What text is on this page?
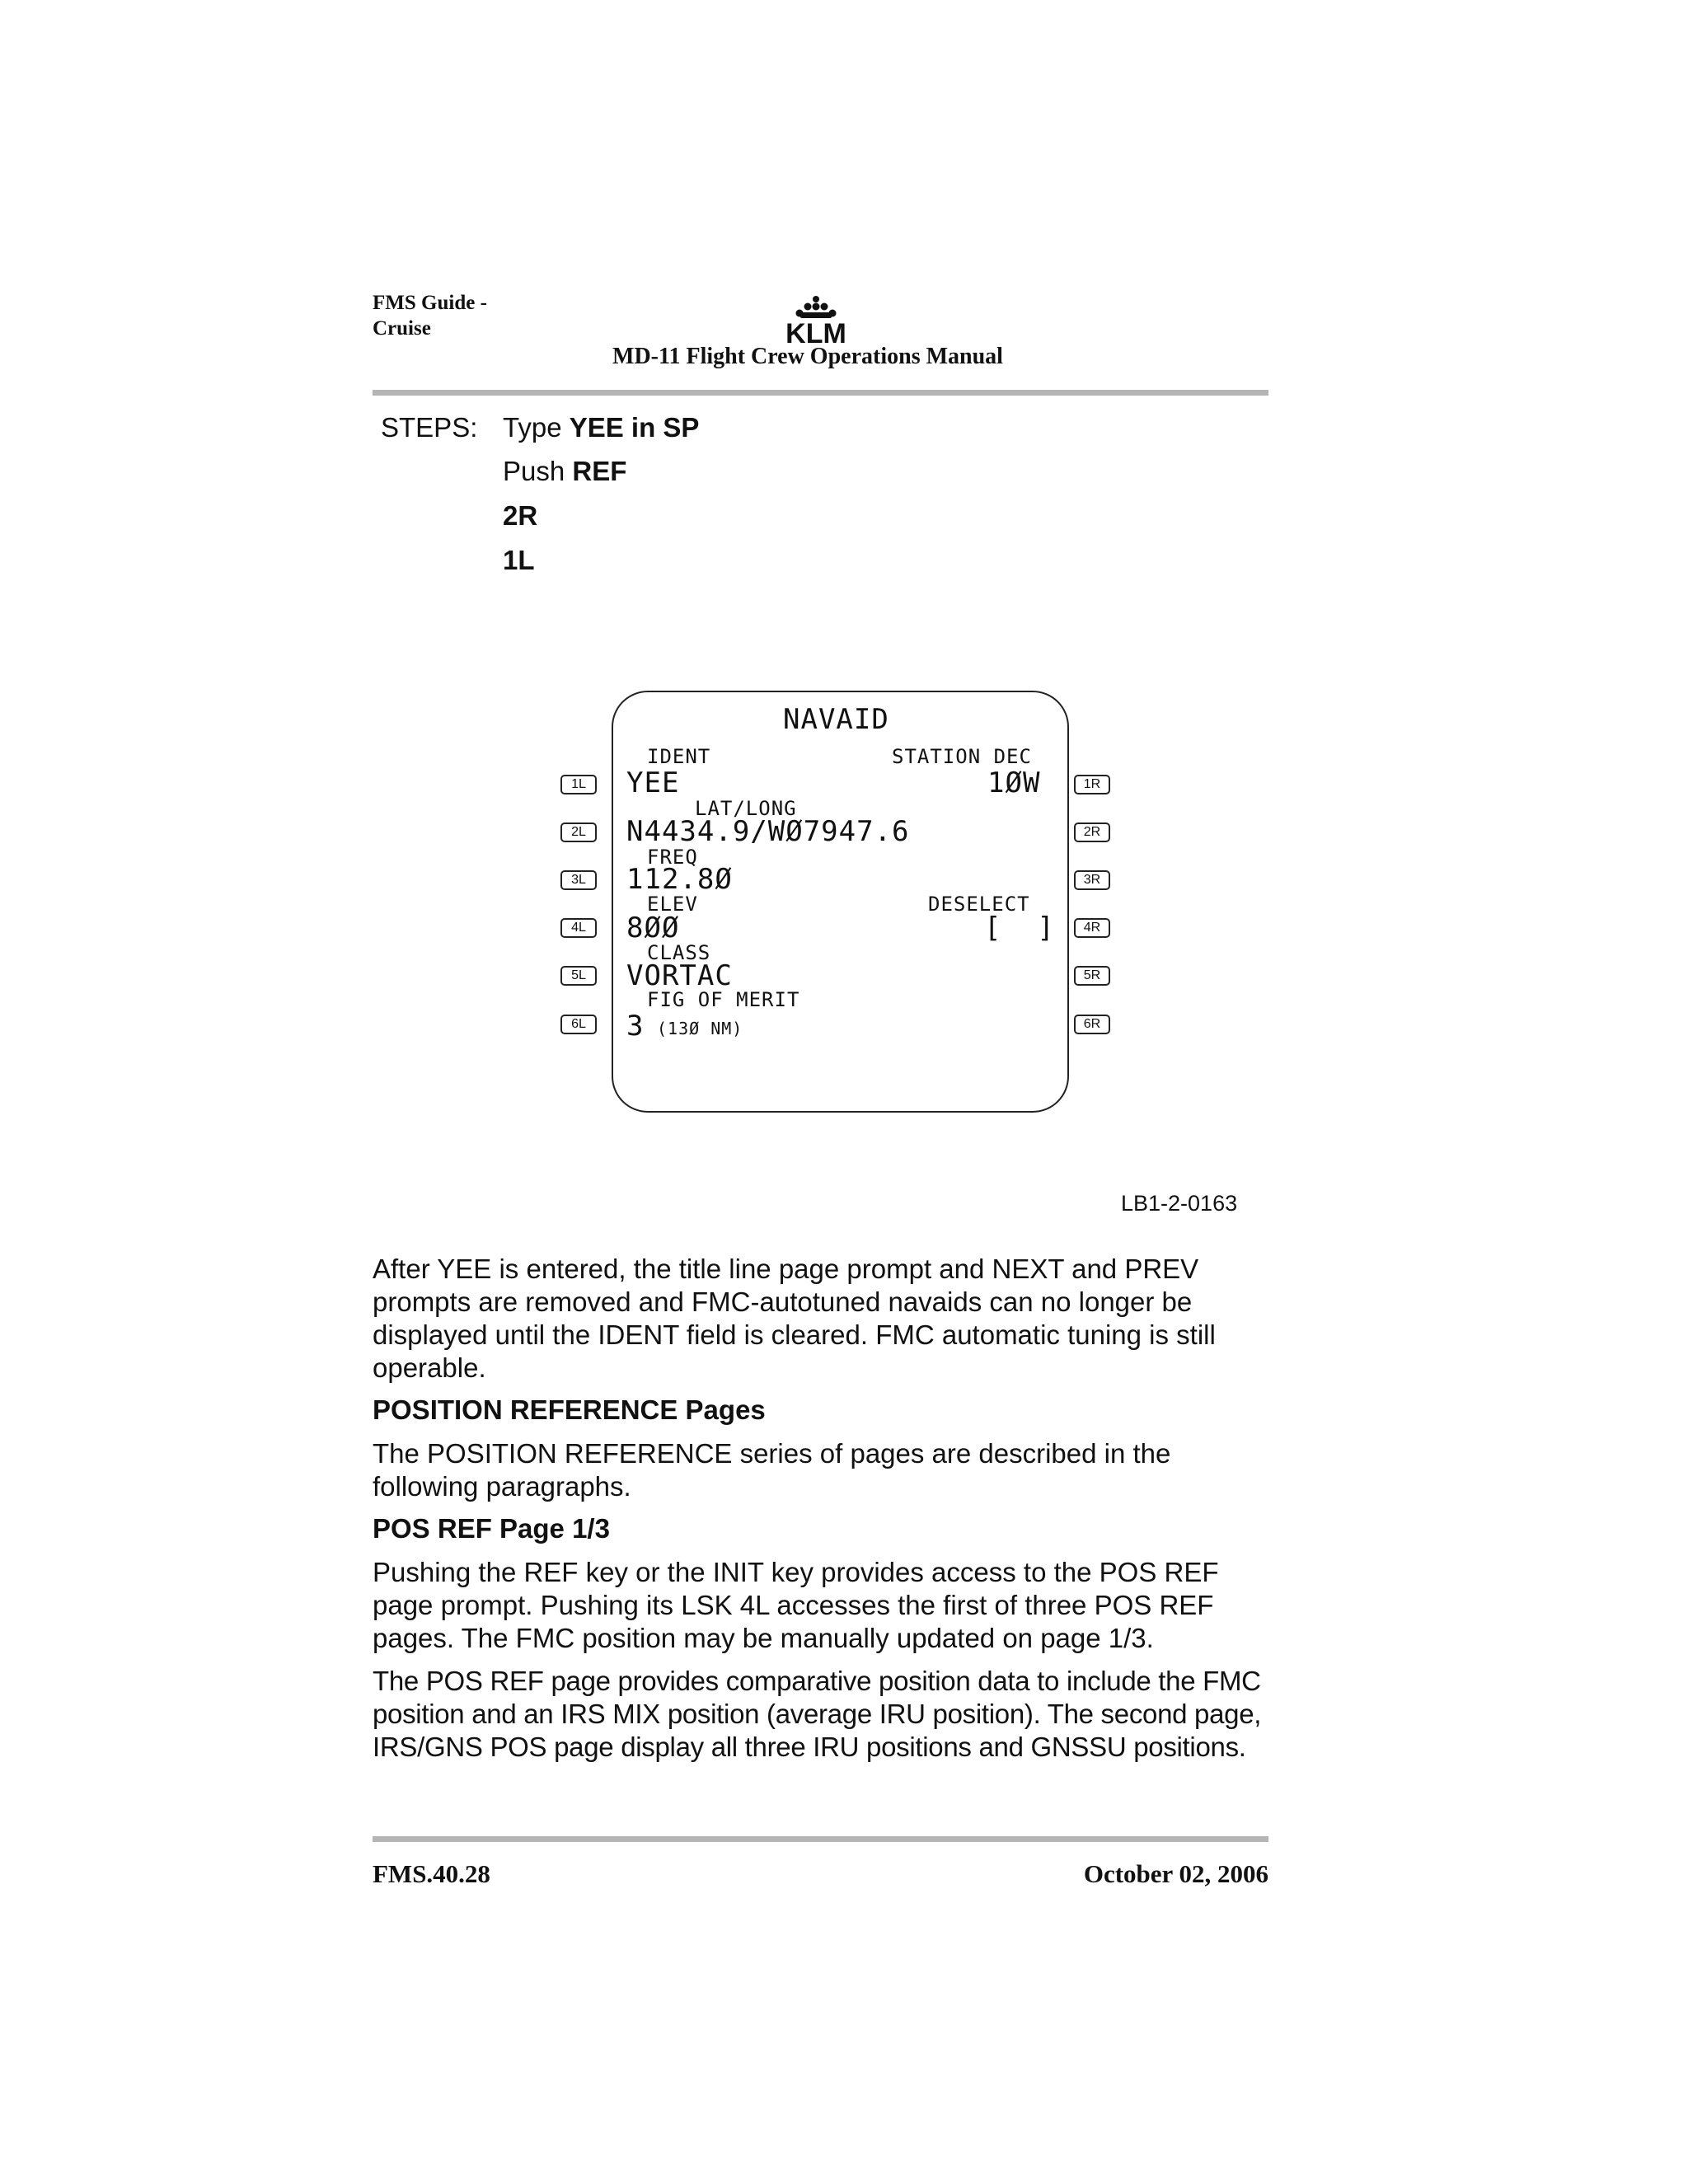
FMS Guide -
Cruise	KLM
MD-11 Flight Crew Operations Manual
STEPS: Type YEE in SP
Push REF
2R
1L
NAVAID
IDENT	STATION DEC
YEE	1ØW
LAT/LONG
N4434.9/WØ7947.6
FREQ
112.8Ø
ELEV	DESELECT
8ØØ	[  ]
CLASS
VORTAC
FIG OF MERIT
3 (13Ø NM)
1L
2L
3L
4L
5L
6L
1R
2R
3R
4R
5R
6R
LB1-2-0163
After YEE is entered, the title line page prompt and NEXT and PREV prompts are removed and FMC-autotuned navaids can no longer be displayed until the IDENT field is cleared. FMC automatic tuning is still operable.
POSITION REFERENCE Pages
The POSITION REFERENCE series of pages are described in the following paragraphs.
POS REF Page 1/3
Pushing the REF key or the INIT key provides access to the POS REF page prompt. Pushing its LSK 4L accesses the first of three POS REF pages. The FMC position may be manually updated on page 1/3.
The POS REF page provides comparative position data to include the FMC position and an IRS MIX position (average IRU position). The second page, IRS/GNS POS page display all three IRU positions and GNSSU positions.
FMS.40.28	October 02, 2006
